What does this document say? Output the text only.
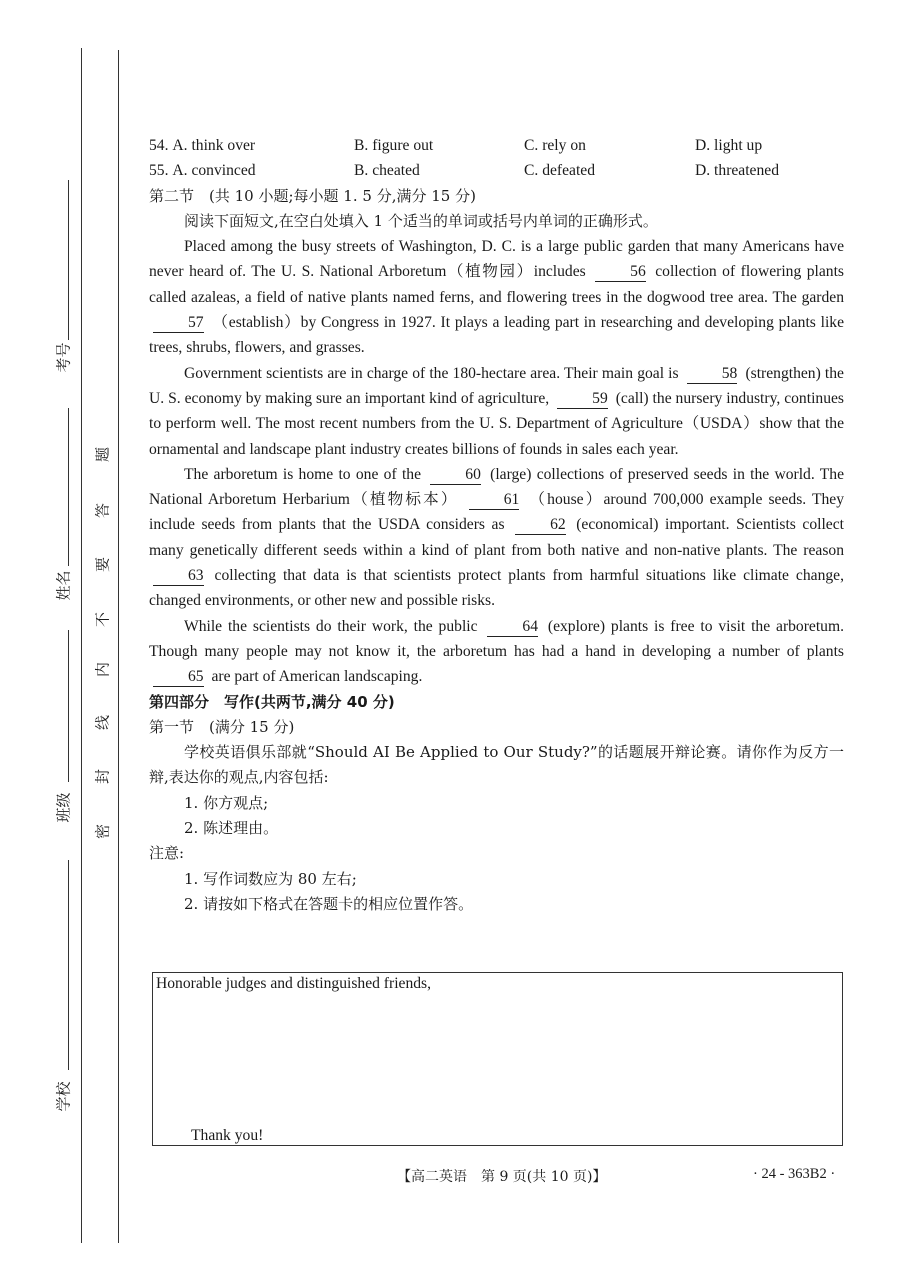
考号
姓名
班级
学校
题
答
要
不
内
线
封
密
54. A. think over	B. figure out	C. rely on	D. light up
55. A. convinced	B. cheated	C. defeated	D. threatened
第二节　(共 10 小题;每小题 1. 5 分,满分 15 分)
阅读下面短文,在空白处填入 1 个适当的单词或括号内单词的正确形式。

Placed among the busy streets of Washington, D. C. is a large public garden that many Americans have never heard of. The U. S. National Arboretum（植物园）includes	56 collection of flowering plants called azaleas, a field of native plants named ferns, and flowering trees in the dogwood tree area. The garden 57 （establish）by Congress in 1927. It plays a leading part in researching and developing plants like trees, shrubs, flowers, and grasses.

Government scientists are in charge of the 180-hectare area. Their main goal is	58 (strengthen) the U. S. economy by making sure an important kind of agriculture,	59 (call) the nursery industry, continues to perform well. The most recent numbers from the U. S. Department of Agriculture（USDA）show that the ornamental and landscape plant industry creates billions of founds in sales each year.

The arboretum is home to one of the	60 (large) collections of preserved seeds in the world. The National Arboretum Herbarium（植物标本）	61 （house）around 700,000 example seeds. They include seeds from plants that the USDA considers as	62 (economical) important. Scientists collect many genetically different seeds within a kind of plant from both native and non-native plants. The reason 63 collecting that data is that scientists protect plants from harmful situations like climate change, changed environments, or other new and possible risks.

While the scientists do their work, the public	64 (explore) plants is free to visit the arboretum. Though many people may not know it, the arboretum has had a hand in developing a number of plants 65 are part of American landscaping.

第四部分　写作(共两节,满分 40 分)
第一节　(满分 15 分)
学校英语俱乐部就“Should AI Be Applied to Our Study?”的话题展开辩论赛。请你作为反方一辩,表达你的观点,内容包括:
1. 你方观点;
2. 陈述理由。
注意:
1. 写作词数应为 80 左右;
2. 请按如下格式在答题卡的相应位置作答。
Honorable judges and distinguished friends,
Thank you!
【高二英语　第 9 页(共 10 页)】	· 24 - 363B2 ·
